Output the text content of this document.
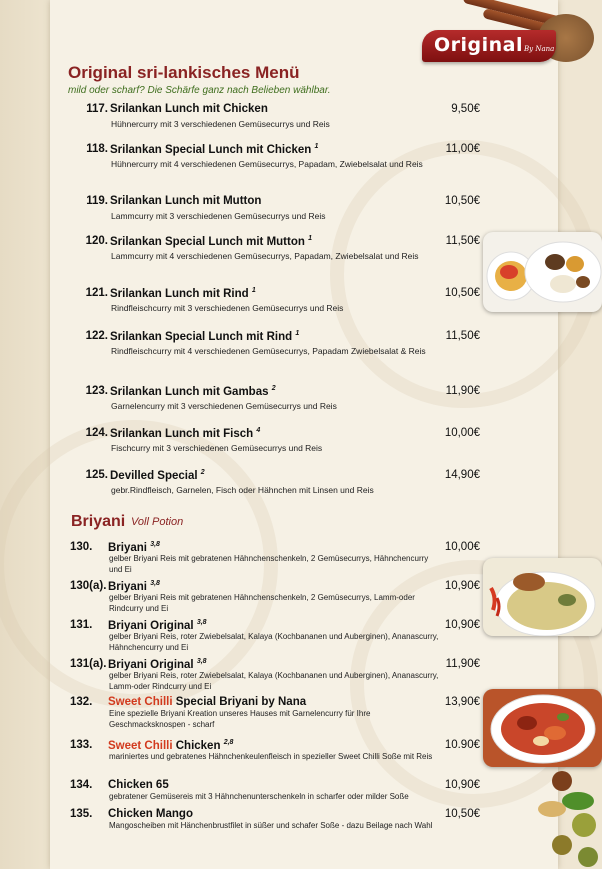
Original By Nana
Original sri-lankisches Menü
mild oder scharf? Die Schärfe ganz nach Belieben wählbar.
117. Srilankan Lunch mit Chicken	9,50€
Hühnercurry mit 3 verschiedenen Gemüsecurrys und Reis
118. Srilankan Special Lunch mit Chicken $^1$	11,00€
Hühnercurry mit 4 verschiedenen Gemüsecurrys, Papadam, Zwiebelsalat und Reis
119. Srilankan Lunch mit Mutton	10,50€
Lammcurry mit 3 verschiedenen Gemüsecurrys und Reis
120. Srilankan Special Lunch mit Mutton $^1$	11,50€
Lammcurry mit 4 verschiedenen Gemüsecurrys, Papadam, Zwiebelsalat und Reis
121. Srilankan Lunch mit Rind $^1$	10,50€
Rindfleischcurry mit 3 verschiedenen Gemüsecurrys und Reis
122. Srilankan Special Lunch mit Rind $^1$	11,50€
Rindfleischcurry mit 4 verschiedenen Gemüsecurrys, Papadam Zwiebelsalat & Reis
123. Srilankan Lunch mit Gambas $^2$	11,90€
Garnelencurry mit 3 verschiedenen Gemüsecurrys und Reis
124. Srilankan Lunch mit Fisch $^4$	10,00€
Fischcurry mit 3 verschiedenen Gemüsecurrys und Reis
125. Devilled Special $^2$	14,90€
gebr.Rindfleisch, Garnelen, Fisch oder Hähnchen mit Linsen und Reis
Briyani Voll Potion
130.	Briyani $^{3,8}$	10,00€
gelber Briyani Reis mit gebratenen Hähnchenschenkeln, 2 Gemüsecurrys, Hähnchencurry und Ei
130(a). Briyani $^{3,8}$	10,90€
gelber Briyani Reis mit gebratenen Hähnchenschenkeln, 2 Gemüsecurrys, Lamm-oder Rindcurry und Ei
131.	Briyani Original $^{3,8}$	10,90€
gelber Briyani Reis, roter Zwiebelsalat, Kalaya (Kochbananen und Auberginen), Ananascurry, Hähnchencurry und Ei
131(a). Briyani Original $^{3,8}$	11,90€
gelber Briyani Reis, roter Zwiebelsalat, Kalaya (Kochbananen und Auberginen), Ananascurry, Lamm-oder Rindcurry und Ei
132.	Sweet Chilli Special Briyani by Nana	13,90€
Eine spezielle Briyani Kreation unseres Hauses mit Garnelencurry für Ihre Geschmacksknospen - scharf
133.	Sweet Chilli Chicken $^{2,8}$	10.90€
mariniertes und gebratenes Hähnchenkeulenfleisch in spezieller Sweet Chilli Soße mit Reis
134.	Chicken 65	10,90€
gebratener Gemüsereis mit 3 Hähnchenunterschenkeln in scharfer oder milder Soße
135.	Chicken Mango	10,50€
Mangoscheiben mit Hänchenbrustfilet in süßer und schafer Soße - dazu Beilage nach Wahl
